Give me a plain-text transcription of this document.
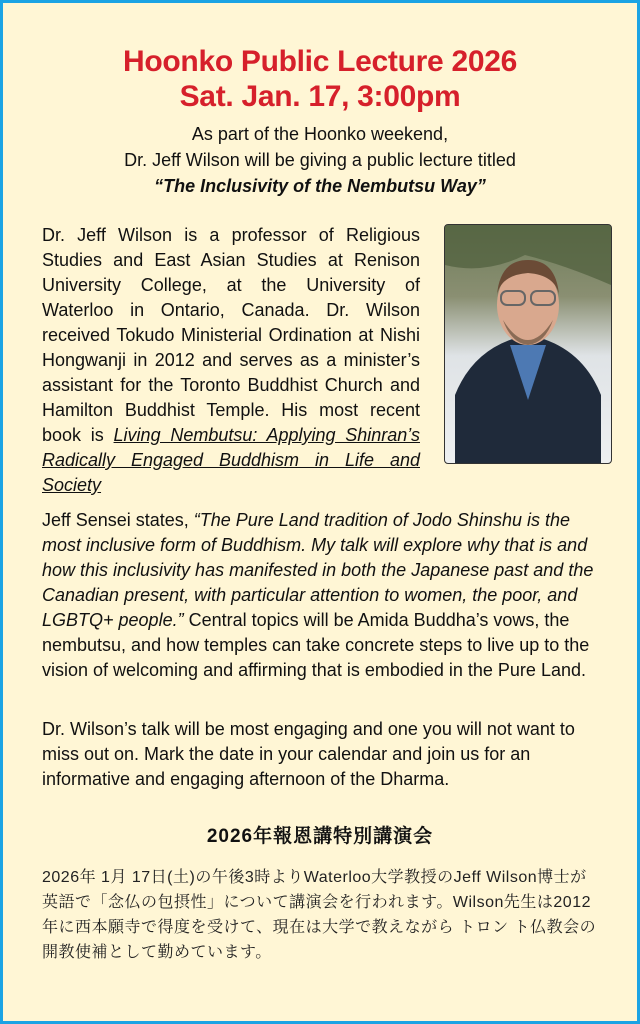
Hoonko Public Lecture 2026
Sat. Jan. 17, 3:00pm
As part of the Hoonko weekend,
Dr. Jeff Wilson will be giving a public lecture titled
“The Inclusivity of the Nembutsu Way”
Dr. Jeff Wilson is a professor of Religious Studies and East Asian Studies at Renison University College, at the University of Waterloo in Ontario, Canada. Dr. Wilson received Tokudo Ministerial Ordination at Nishi Hongwanji in 2012 and serves as a minister’s assistant for the Toronto Buddhist Church and Hamilton Buddhist Temple. His most recent book is Living Nembutsu: Applying Shinran’s Radically Engaged Buddhism in Life and Society
Jeff Sensei states, “The Pure Land tradition of Jodo Shinshu is the most inclusive form of Buddhism. My talk will explore why that is and how this inclusivity has manifested in both the Japanese past and the Canadian present, with particular attention to women, the poor, and LGBTQ+ people.” Central topics will be Amida Buddha’s vows, the nembutsu, and how temples can take concrete steps to live up to the vision of welcoming and affirming that is embodied in the Pure Land.
Dr. Wilson’s talk will be most engaging and one you will not want to miss out on. Mark the date in your calendar and join us for an informative and engaging afternoon of the Dharma.
2026年報恩講特別講演会
2026年 1月 17日(土)の午後3時よりWaterloo大学教授のJeff Wilson博士が英語で「念仏の包摂性」について講演会を行われます。Wilson先生は2012 年に西本願寺で得度を受けて、現在は大学で教えながら トロン ト仏教会の開教使補として勤めています。
